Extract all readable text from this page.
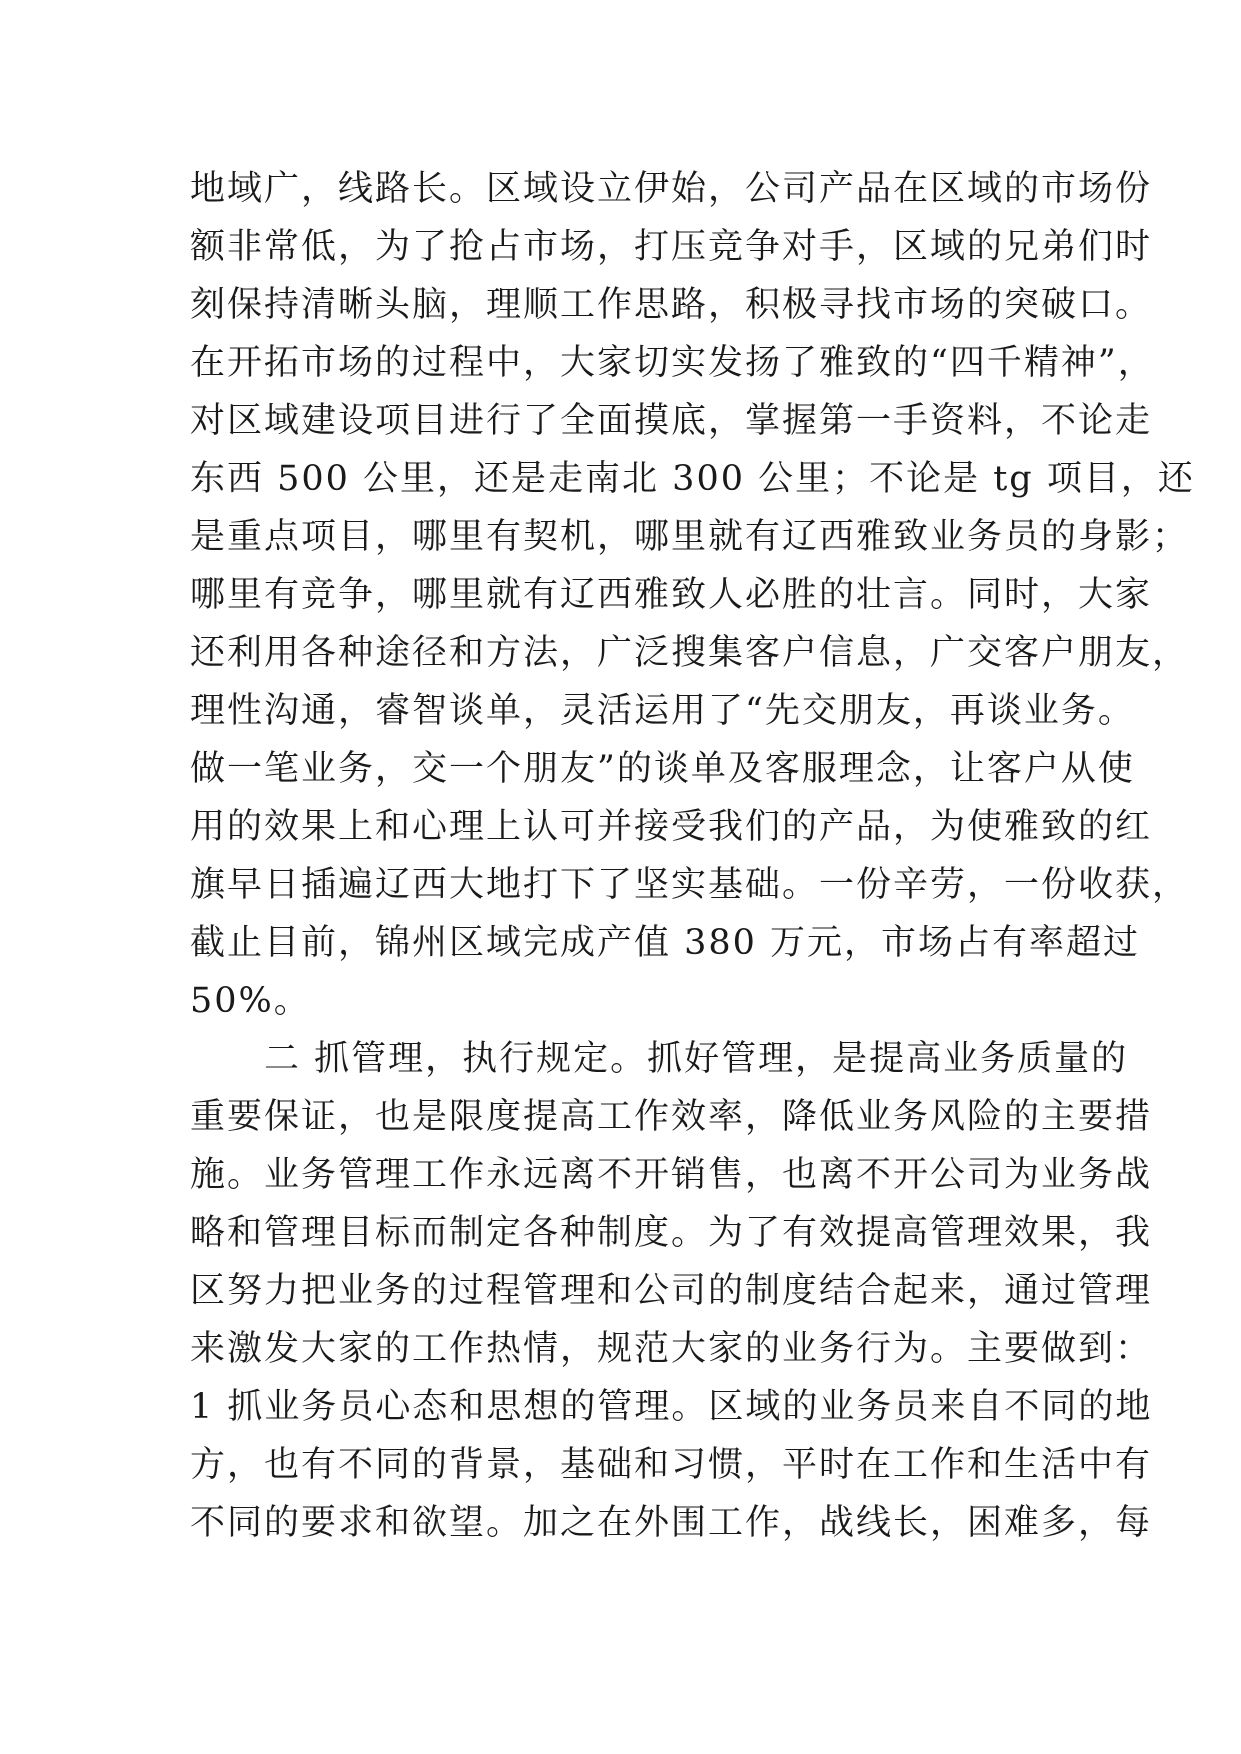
地域广，线路长。区域设立伊始，公司产品在区域的市场份
额非常低，为了抢占市场，打压竞争对手，区域的兄弟们时
刻保持清晰头脑，理顺工作思路，积极寻找市场的突破口。
在开拓市场的过程中，大家切实发扬了雅致的“四千精神”，
对区域建设项目进行了全面摸底，掌握第一手资料，不论走
东西 500 公里，还是走南北 300 公里；不论是 tg 项目，还
是重点项目，哪里有契机，哪里就有辽西雅致业务员的身影；
哪里有竞争，哪里就有辽西雅致人必胜的壮言。同时，大家
还利用各种途径和方法，广泛搜集客户信息，广交客户朋友，
理性沟通，睿智谈单，灵活运用了“先交朋友，再谈业务。
做一笔业务，交一个朋友”的谈单及客服理念，让客户从使
用的效果上和心理上认可并接受我们的产品，为使雅致的红
旗早日插遍辽西大地打下了坚实基础。一份辛劳，一份收获，
截止目前，锦州区域完成产值 380 万元，市场占有率超过
50%。
　　二 抓管理，执行规定。抓好管理，是提高业务质量的
重要保证，也是限度提高工作效率，降低业务风险的主要措
施。业务管理工作永远离不开销售，也离不开公司为业务战
略和管理目标而制定各种制度。为了有效提高管理效果，我
区努力把业务的过程管理和公司的制度结合起来，通过管理
来激发大家的工作热情，规范大家的业务行为。主要做到：
1 抓业务员心态和思想的管理。区域的业务员来自不同的地
方，也有不同的背景，基础和习惯，平时在工作和生活中有
不同的要求和欲望。加之在外围工作，战线长，困难多，每
